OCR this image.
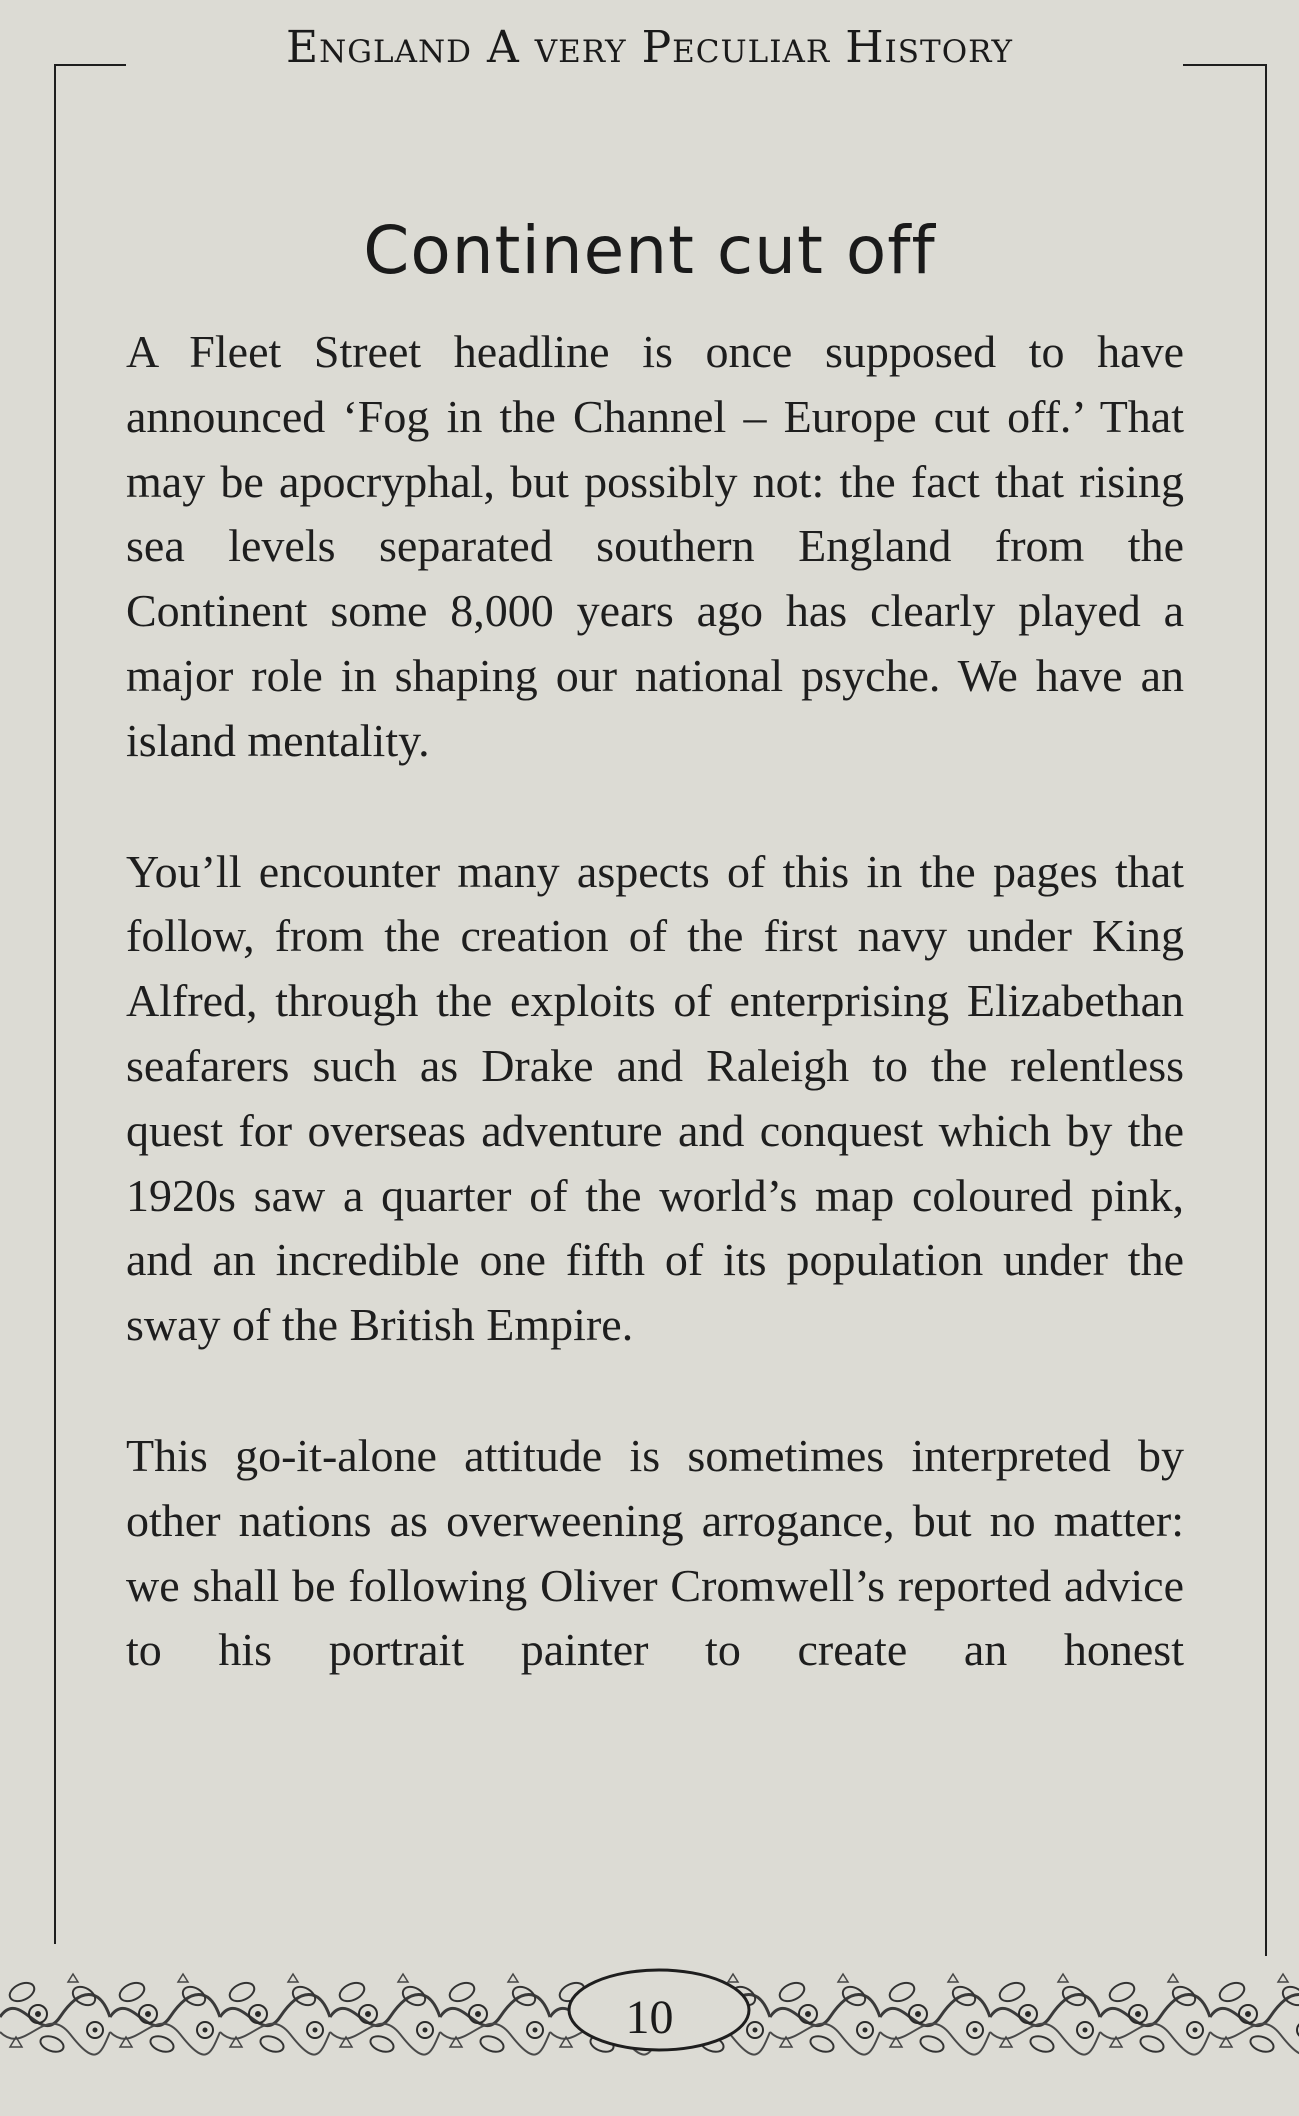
England A very Peculiar History
Continent cut off

A Fleet Street headline is once supposed to have announced ‘Fog in the Channel – Europe cut off.’ That may be apocryphal, but possibly not: the fact that rising sea levels separated southern England from the Continent some 8,000 years ago has clearly played a major role in shaping our national psyche. We have an island mentality.

You’ll encounter many aspects of this in the pages that follow, from the creation of the first navy under King Alfred, through the exploits of enterprising Elizabethan seafarers such as Drake and Raleigh to the relentless quest for overseas adventure and conquest which by the 1920s saw a quarter of the world’s map coloured pink, and an incredible one fifth of its population under the sway of the British Empire.

This go-it-alone attitude is sometimes interpreted by other nations as overweening arrogance, but no matter: we shall be following Oliver Cromwell’s reported advice to his portrait painter to create an honest

10
